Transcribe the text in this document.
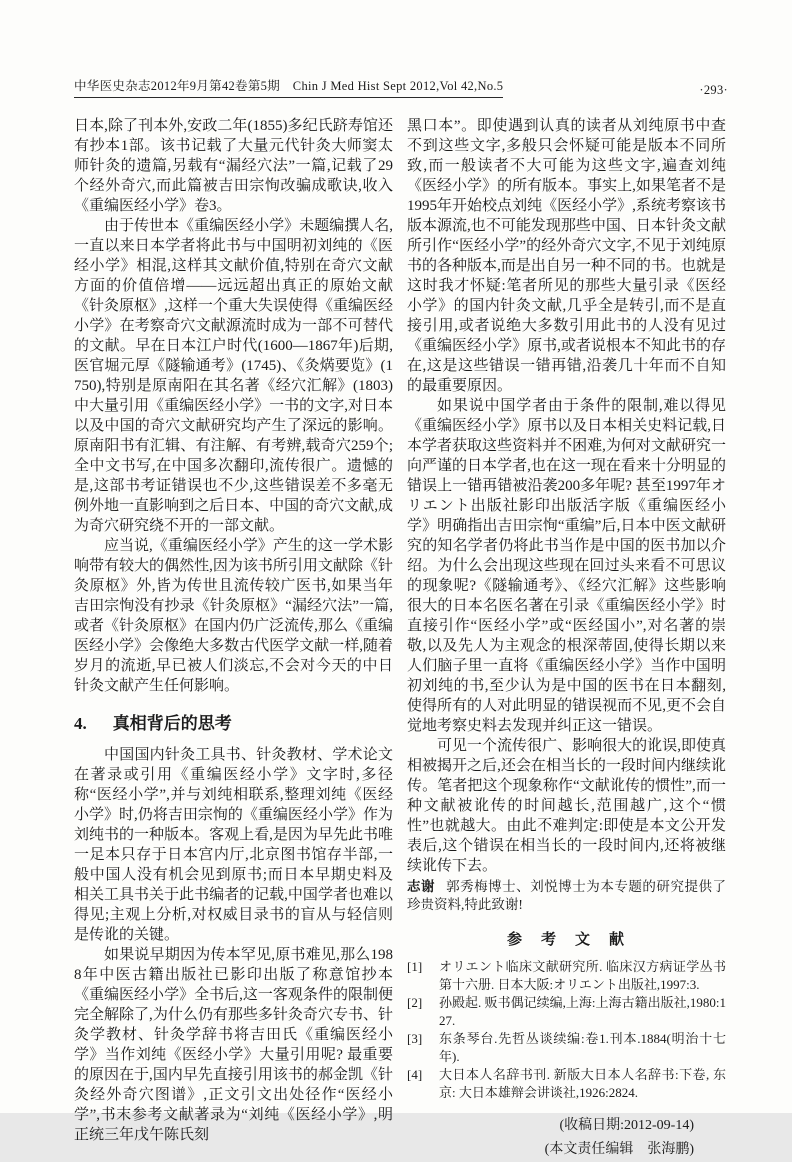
中华医史杂志2012年9月第42卷第5期　Chin J Med Hist Sept 2012,Vol 42,No.5	·293·

日本,除了刊本外,安政二年(1855)多纪氏跻寿馆还有抄本1部。该书记载了大量元代针灸大师窦太师针灸的遗篇,另载有“漏经穴法”一篇,记载了29个经外奇穴,而此篇被吉田宗恂改骗成歌诀,收入《重编医经小学》卷3。

由于传世本《重编医经小学》未题编撰人名,一直以来日本学者将此书与中国明初刘纯的《医经小学》相混,这样其文献价值,特别在奇穴文献方面的价值倍增——远远超出真正的原始文献《针灸原枢》,这样一个重大失误使得《重编医经小学》在考察奇穴文献源流时成为一部不可替代的文献。早在日本江户时代(1600—1867年)后期,医官堀元厚《隧输通考》(1745)、《灸焫要览》(1750),特别是原南阳在其名著《经穴汇解》(1803)中大量引用《重编医经小学》一书的文字,对日本以及中国的奇穴文献研究均产生了深远的影响。原南阳书有汇辑、有注解、有考辨,载奇穴259个;全中文书写,在中国多次翻印,流传很广。遗憾的是,这部书考证错误也不少,这些错误差不多毫无例外地一直影响到之后日本、中国的奇穴文献,成为奇穴研究绕不开的一部文献。

应当说,《重编医经小学》产生的这一学术影响带有较大的偶然性,因为该书所引用文献除《针灸原枢》外,皆为传世且流传较广医书,如果当年吉田宗恂没有抄录《针灸原枢》“漏经穴法”一篇,或者《针灸原枢》在国内仍广泛流传,那么《重编医经小学》会像绝大多数古代医学文献一样,随着岁月的流逝,早已被人们淡忘,不会对今天的中日针灸文献产生任何影响。

4. 真相背后的思考

中国国内针灸工具书、针灸教材、学术论文在著录或引用《重编医经小学》文字时,多径称“医经小学”,并与刘纯相联系,整理刘纯《医经小学》时,仍将吉田宗恂的《重编医经小学》作为刘纯书的一种版本。客观上看,是因为早先此书唯一足本只存于日本宫内厅,北京图书馆存半部,一般中国人没有机会见到原书;而日本早期史料及相关工具书关于此书编者的记载,中国学者也难以得见;主观上分析,对权威目录书的盲从与轻信则是传讹的关键。

如果说早期因为传本罕见,原书难见,那么1988年中医古籍出版社已影印出版了称意馆抄本《重编医经小学》全书后,这一客观条件的限制便完全解除了,为什么仍有那些多针灸奇穴专书、针灸学教材、针灸学辞书将吉田氏《重编医经小学》当作刘纯《医经小学》大量引用呢? 最重要的原因在于,国内早先直接引用该书的郝金凯《针灸经外奇穴图谱》,正文引文出处径作“医经小学”,书末参考文献著录为“刘纯《医经小学》,明正统三年戊午陈氏刻

黑口本”。即使遇到认真的读者从刘纯原书中查不到这些文字,多般只会怀疑可能是版本不同所致,而一般读者不大可能为这些文字,遍查刘纯《医经小学》的所有版本。事实上,如果笔者不是1995年开始校点刘纯《医经小学》,系统考察该书版本源流,也不可能发现那些中国、日本针灸文献所引作“医经小学”的经外奇穴文字,不见于刘纯原书的各种版本,而是出自另一种不同的书。也就是这时我才怀疑:笔者所见的那些大量引录《医经小学》的国内针灸文献,几乎全是转引,而不是直接引用,或者说绝大多数引用此书的人没有见过《重编医经小学》原书,或者说根本不知此书的存在,这是这些错误一错再错,沿袭几十年而不自知的最重要原因。

如果说中国学者由于条件的限制,难以得见《重编医经小学》原书以及日本相关史料记载,日本学者获取这些资料并不困难,为何对文献研究一向严谨的日本学者,也在这一现在看来十分明显的错误上一错再错被沿袭200多年呢? 甚至1997年オリエント出版社影印出版活字版《重编医经小学》明确指出吉田宗恂“重编”后,日本中医文献研究的知名学者仍将此书当作是中国的医书加以介绍。为什么会出现这些现在回过头来看不可思议的现象呢?《隧输通考》、《经穴汇解》这些影响很大的日本名医名著在引录《重编医经小学》时直接引作“医经小学”或“医经国小”,对名著的崇敬,以及先人为主观念的根深蒂固,使得长期以来人们脑子里一直将《重编医经小学》当作中国明初刘纯的书,至少认为是中国的医书在日本翻刻,使得所有的人对此明显的错误视而不见,更不会自觉地考察史料去发现并纠正这一错误。

可见一个流传很广、影响很大的讹误,即使真相被揭开之后,还会在相当长的一段时间内继续讹传。笔者把这个现象称作“文献讹传的惯性”,而一种文献被讹传的时间越长,范围越广,这个“惯性”也就越大。由此不难判定:即使是本文公开发表后,这个错误在相当长的一段时间内,还将被继续讹传下去。

志谢 郭秀梅博士、刘悦博士为本专题的研究提供了珍贵资料,特此致谢!

参　考　文　献
[1]	オリエント临床文献研究所. 临床汉方病证学丛书第十六册. 日本大阪:オリエント出版社,1997:3.
[2]	孙殿起. 贩书偶记续编,上海:上海古籍出版社,1980:127.
[3]	东条琴台.先哲丛谈续编:卷1.刊本.1884(明治十七年).
[4]	大日本人名辞书刊. 新版大日本人名辞书:下卷, 东京: 大日本雄辩会讲谈社,1926:2824.
(收稿日期:2012-09-14)
(本文责任编辑　张海鹏)
